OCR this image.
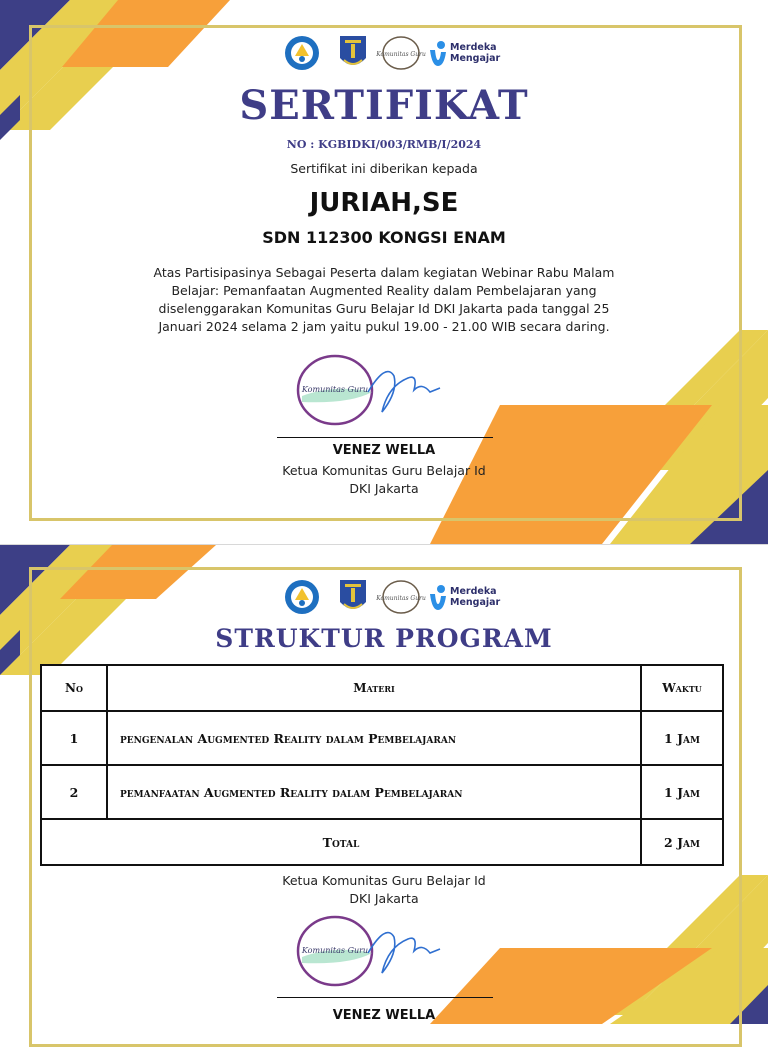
Komunitas Guru
Merdeka
Mengajar
SERTIFIKAT
NO : KGBIDKI/003/RMB/I/2024
Sertifikat ini diberikan kepada
JURIAH,SE
SDN 112300 KONGSI ENAM
Atas Partisipasinya Sebagai Peserta dalam kegiatan Webinar Rabu Malam
Belajar: Pemanfaatan Augmented Reality dalam Pembelajaran yang
diselenggarakan Komunitas Guru Belajar Id DKI Jakarta pada tanggal 25
Januari 2024 selama 2 jam yaitu pukul 19.00 - 21.00 WIB secara daring.
Komunitas Guru
VENEZ WELLA
Ketua Komunitas Guru Belajar Id
DKI Jakarta
Komunitas Guru
Merdeka
Mengajar
STRUKTUR PROGRAM
No	Materi	Waktu
1	pengenalan Augmented Reality dalam Pembelajaran	1 Jam
2	pemanfaatan Augmented Reality dalam Pembelajaran	1 Jam
Total		2 Jam
Ketua Komunitas Guru Belajar Id
DKI Jakarta
Komunitas Guru
VENEZ WELLA
